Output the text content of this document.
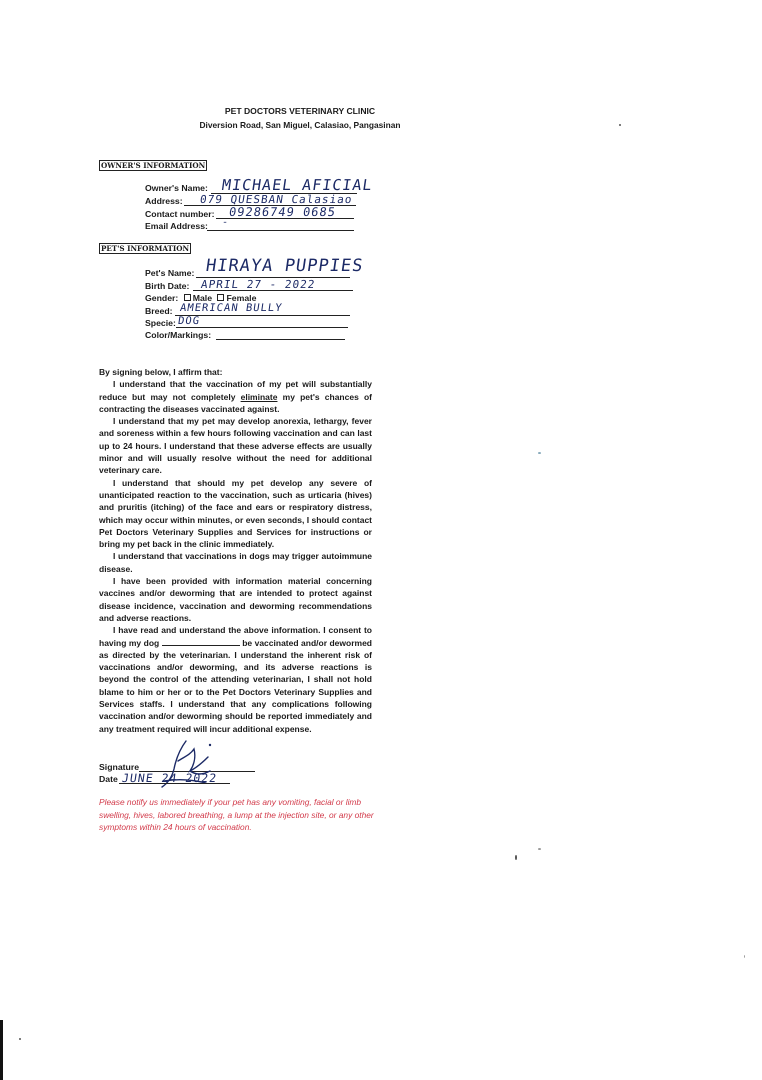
PET DOCTORS VETERINARY CLINIC
Diversion Road, San Miguel, Calasiao, Pangasinan
OWNER'S INFORMATION
Owner's Name: MICHAEL AFICIAL
Address: 079 QUESBAN Calasiao
Contact number: 09286749 0685
Email Address: -
PET'S INFORMATION
Pet's Name: HIRAYA PUPPIES
Birth Date: APRIL 27 - 2022
Gender: Male Female
Breed: AMERICAN BULLY
Specie: DOG
Color/Markings:

By signing below, I affirm that:

I understand that the vaccination of my pet will substantially reduce but may not completely eliminate my pet's chances of contracting the diseases vaccinated against.

I understand that my pet may develop anorexia, lethargy, fever and soreness within a few hours following vaccination and can last up to 24 hours. I understand that these adverse effects are usually minor and will usually resolve without the need for additional veterinary care.

I understand that should my pet develop any severe of unanticipated reaction to the vaccination, such as urticaria (hives) and pruritis (itching) of the face and ears or respiratory distress, which may occur within minutes, or even seconds, I should contact Pet Doctors Veterinary Supplies and Services for instructions or bring my pet back in the clinic immediately.

I understand that vaccinations in dogs may trigger autoimmune disease.

I have been provided with information material concerning vaccines and/or deworming that are intended to protect against disease incidence, vaccination and deworming recommendations and adverse reactions.

I have read and understand the above information. I consent to having my dog	be vaccinated and/or dewormed as directed by the veterinarian. I understand the inherent risk of vaccinations and/or deworming, and its adverse reactions is beyond the control of the attending veterinarian, I shall not hold blame to him or her or to the Pet Doctors Veterinary Supplies and Services staffs. I understand that any complications following vaccination and/or deworming should be reported immediately and any treatment required will incur additional expense.

Signature
Date JUNE 24 2022
Please notify us immediately if your pet has any vomiting, facial or limb swelling, hives, labored breathing, a lump at the injection site, or any other symptoms within 24 hours of vaccination.
